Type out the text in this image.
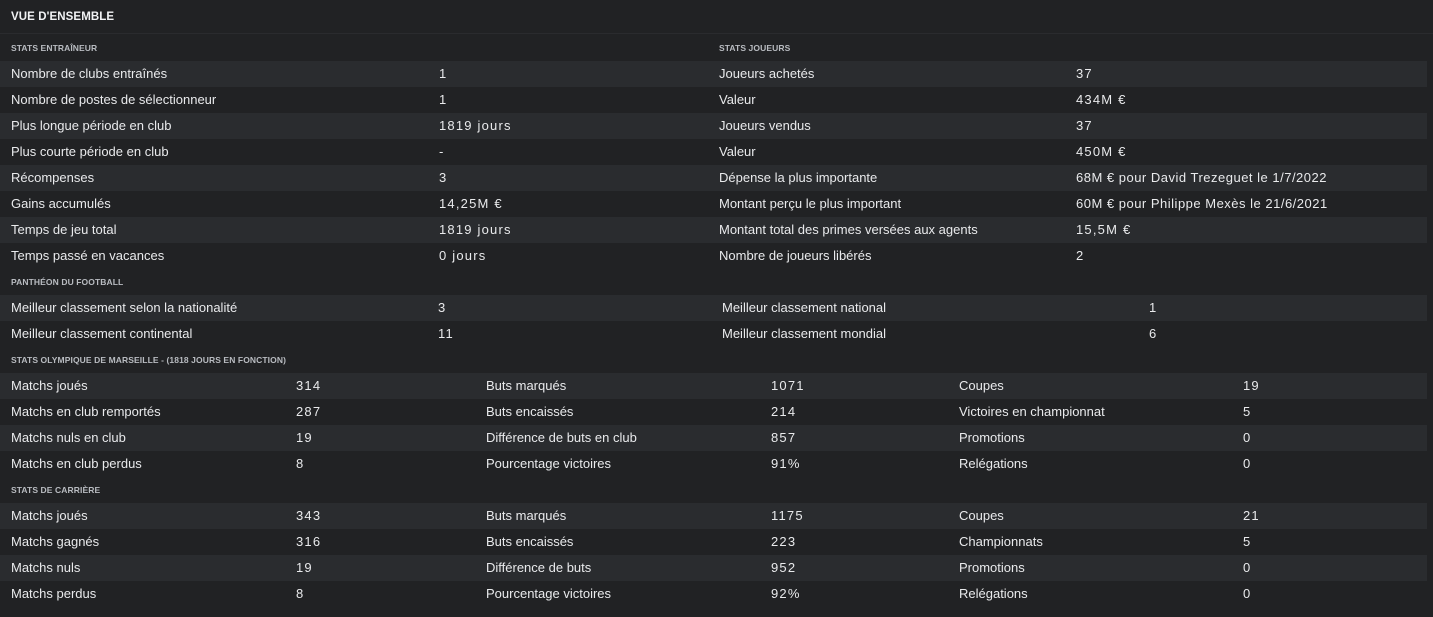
VUE D'ENSEMBLE
STATS ENTRAÎNEUR
Nombre de clubs entraînés	1
Nombre de postes de sélectionneur	1
Plus longue période en club	1819 jours
Plus courte période en club	-
Récompenses	3
Gains accumulés	14,25M €
Temps de jeu total	1819 jours
Temps passé en vacances	0 jours
STATS JOUEURS
Joueurs achetés	37
Valeur	434M €
Joueurs vendus	37
Valeur	450M €
Dépense la plus importante	68M € pour David Trezeguet le 1/7/2022
Montant perçu le plus important	60M € pour Philippe Mexès le 21/6/2021
Montant total des primes versées aux agents	15,5M €
Nombre de joueurs libérés	2
PANTHÉON DU FOOTBALL
Meilleur classement selon la nationalité	3	Meilleur classement national	1
Meilleur classement continental	11	Meilleur classement mondial	6
STATS OLYMPIQUE DE MARSEILLE - (1818 JOURS EN FONCTION)
Matchs joués	314	Buts marqués	1071	Coupes	19
Matchs en club remportés	287	Buts encaissés	214	Victoires en championnat	5
Matchs nuls en club	19	Différence de buts en club	857	Promotions	0
Matchs en club perdus	8	Pourcentage victoires	91%	Relégations	0
STATS DE CARRIÈRE
Matchs joués	343	Buts marqués	1175	Coupes	21
Matchs gagnés	316	Buts encaissés	223	Championnats	5
Matchs nuls	19	Différence de buts	952	Promotions	0
Matchs perdus	8	Pourcentage victoires	92%	Relégations	0
